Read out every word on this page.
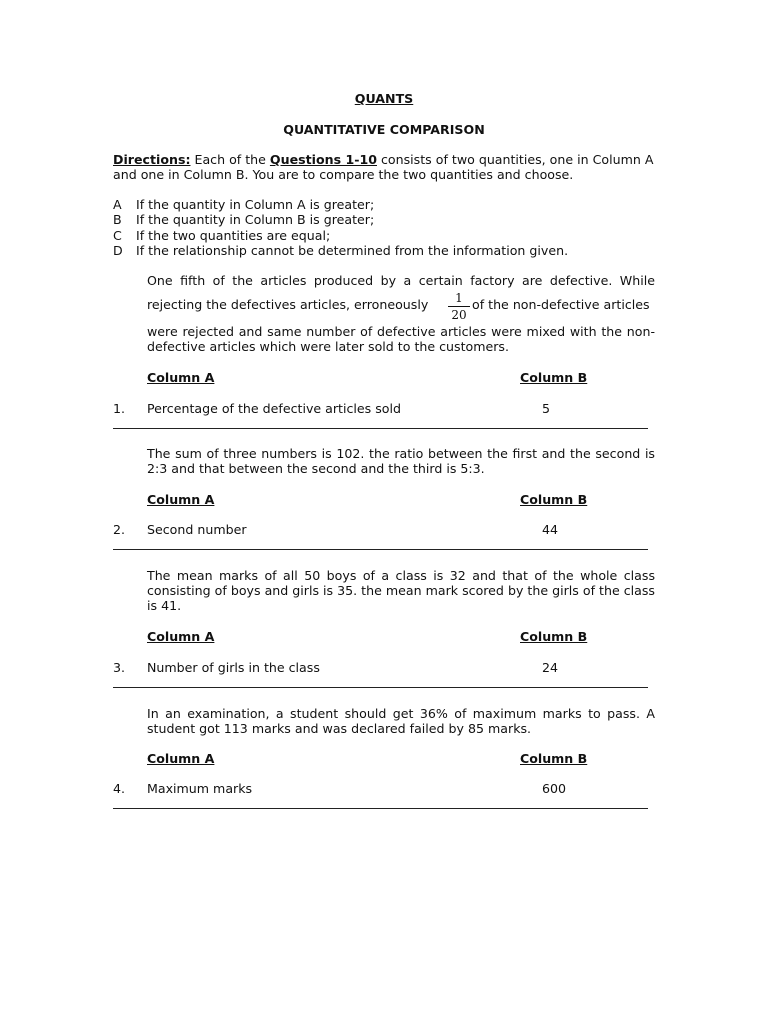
QUANTS
QUANTITATIVE COMPARISON
Directions: Each of the Questions 1-10 consists of two quantities, one in Column A
and one in Column B. You are to compare the two quantities and choose.
A If the quantity in Column A is greater;
B If the quantity in Column B is greater;
C If the two quantities are equal;
D If the relationship cannot be determined from the information given.
One fifth of the articles produced by a certain factory are defective. While
rejecting the defectives articles, erroneously	1
20
of the non-defective articles
were rejected and same number of defective articles were mixed with the non-defective articles which were later sold to the customers.
Column A	Column B
1. Percentage of the defective articles sold	5
The sum of three numbers is 102. the ratio between the first and the second is 2:3 and that between the second and the third is 5:3.
Column A	Column B
2. Second number	44
The mean marks of all 50 boys of a class is 32 and that of the whole class consisting of boys and girls is 35. the mean mark scored by the girls of the class is 41.
Column A	Column B
3. Number of girls in the class	24
In an examination, a student should get 36% of maximum marks to pass. A student got 113 marks and was declared failed by 85 marks.
Column A	Column B
4. Maximum marks	600
